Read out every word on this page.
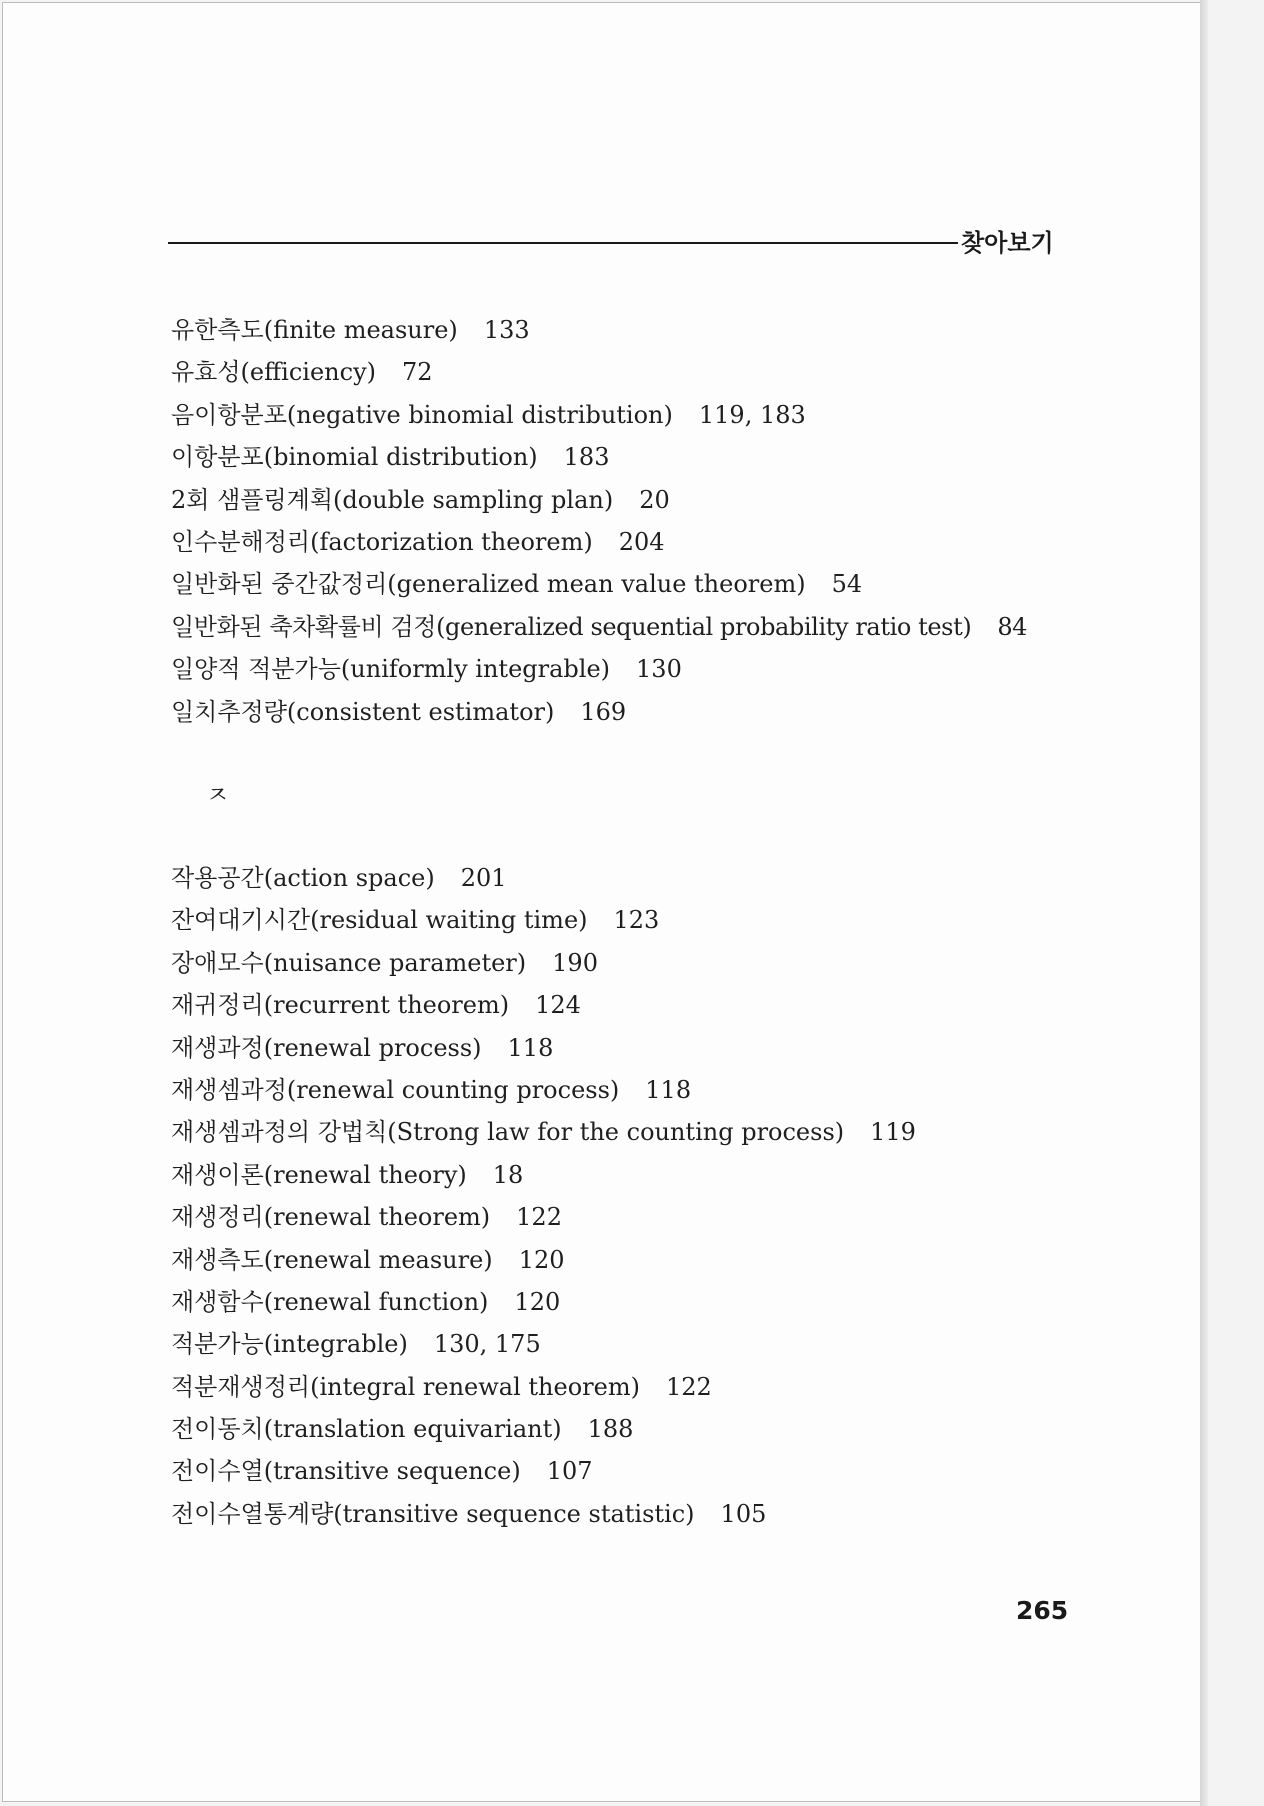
찾아보기
유한측도(finite measure) 133
유효성(efficiency) 72
음이항분포(negative binomial distribution) 119, 183
이항분포(binomial distribution) 183
2회 샘플링계획(double sampling plan) 20
인수분해정리(factorization theorem) 204
일반화된 중간값정리(generalized mean value theorem) 54
일반화된 축차확률비 검정(generalized sequential probability ratio test) 84
일양적 적분가능(uniformly integrable) 130
일치추정량(consistent estimator) 169
ㅈ
작용공간(action space) 201
잔여대기시간(residual waiting time) 123
장애모수(nuisance parameter) 190
재귀정리(recurrent theorem) 124
재생과정(renewal process) 118
재생셈과정(renewal counting process) 118
재생셈과정의 강법칙(Strong law for the counting process) 119
재생이론(renewal theory) 18
재생정리(renewal theorem) 122
재생측도(renewal measure) 120
재생함수(renewal function) 120
적분가능(integrable) 130, 175
적분재생정리(integral renewal theorem) 122
전이동치(translation equivariant) 188
전이수열(transitive sequence) 107
전이수열통계량(transitive sequence statistic) 105
265
